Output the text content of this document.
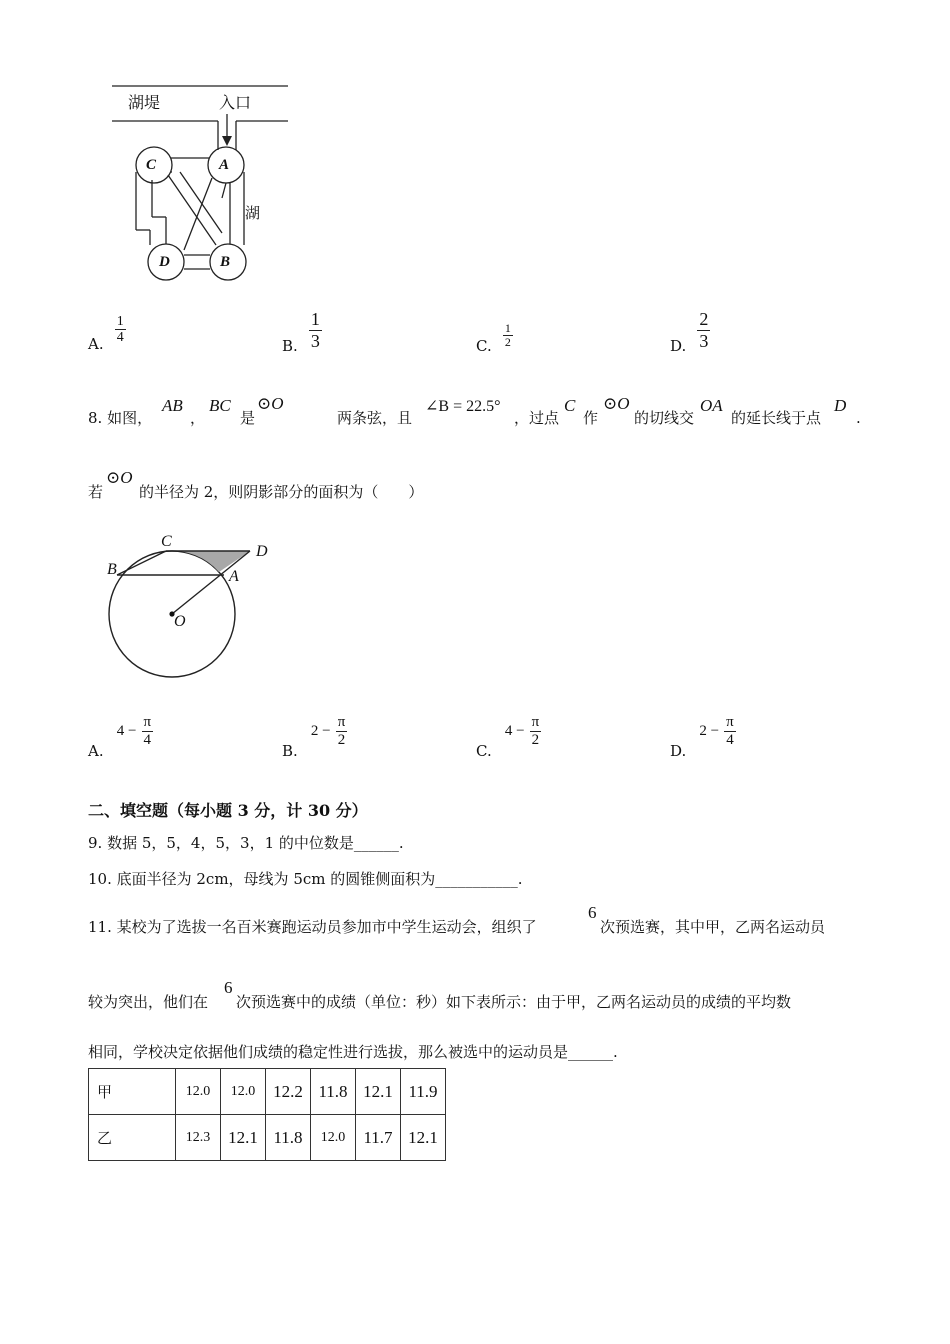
湖堤	入口
湖
A
B
C
D
A. $\frac{1}{4}$	B. $\frac{1}{3}$	C. $\frac{1}{2}$	D. $\frac{2}{3}$
8. 如图，
AB
，
BC
是
⊙O
两条弦，且
∠B = 22.5°
，过点
C
作
⊙O
的切线交
OA
的延长线于点
D
.
若
⊙O
的半径为 2，则阴影部分的面积为（　　）
B
C
D
A
O
A. $4 - \frac{\pi}{4}$
B. $2 - \frac{\pi}{2}$
C. $4 - \frac{\pi}{2}$
D. $2 - \frac{\pi}{4}$
二、填空题（每小题 3 分，计 30 分）
9. 数据 5，5，4，5，3，1 的中位数是______.
10. 底面半径为 2cm，母线为 5cm 的圆锥侧面积为___________.
11. 某校为了选拔一名百米赛跑运动员参加市中学生运动会，组织了
6
次预选赛，其中甲，乙两名运动员
较为突出，他们在
6
次预选赛中的成绩（单位：秒）如下表所示：由于甲，乙两名运动员的成绩的平均数
相同，学校决定依据他们成绩的稳定性进行选拔，那么被选中的运动员是______.
甲	12.0	12.0	12.2	11.8	12.1	11.9
乙	12.3	12.1	11.8	12.0	11.7	12.1
